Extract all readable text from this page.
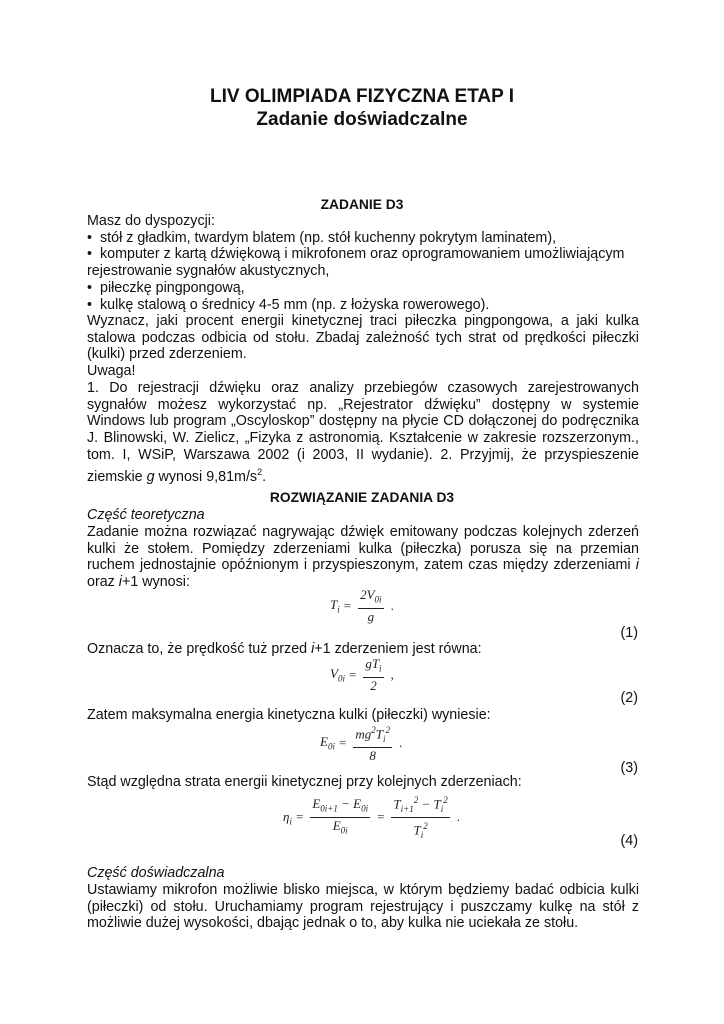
LIV OLIMPIADA FIZYCZNA ETAP I
Zadanie doświadczalne
ZADANIE D3
Masz do dyspozycji:
• stół z gładkim, twardym blatem (np. stół kuchenny pokrytym laminatem),
• komputer z kartą dźwiękową i mikrofonem oraz oprogramowaniem umożliwiającym
rejestrowanie sygnałów akustycznych,
• piłeczkę pingpongową,
• kulkę stalową o średnicy 4-5 mm (np. z łożyska rowerowego).
Wyznacz, jaki procent energii kinetycznej traci piłeczka pingpongowa, a jaki kulka stalowa podczas odbicia od stołu. Zbadaj zależność tych strat od prędkości piłeczki (kulki) przed zderzeniem.
Uwaga!
1. Do rejestracji dźwięku oraz analizy przebiegów czasowych zarejestrowanych sygnałów możesz wykorzystać np. „Rejestrator dźwięku” dostępny w systemie Windows lub program „Oscyloskop” dostępny na płycie CD dołączonej do podręcznika J. Blinowski, W. Zielicz, „Fizyka z astronomią. Kształcenie w zakresie rozszerzonym., tom. I, WSiP, Warszawa 2002 (i 2003, II wydanie). 2. Przyjmij, że przyspieszenie ziemskie g wynosi $9,81m/s^2$.
ROZWIĄZANIE ZADANIA D3
Część teoretyczna
Zadanie można rozwiązać nagrywając dźwięk emitowany podczas kolejnych zderzeń kulki że stołem. Pomiędzy zderzeniami kulka (piłeczka) porusza się na przemian ruchem jednostajnie opóźnionym i przyspieszonym, zatem czas między zderzeniami i oraz i+1 wynosi:
$T_i = \frac{2V_{0i}}{g}$ .
(1)
Oznacza to, że prędkość tuż przed i+1 zderzeniem jest równa:
$V_{0i} = \frac{gT_i}{2}$ ,
(2)
Zatem maksymalna energia kinetyczna kulki (piłeczki) wyniesie:
$E_{0i} = \frac{mg^2T_i^2}{8}$ .
(3)
Stąd względna strata energii kinetycznej przy kolejnych zderzeniach:
$\eta_i = \frac{E_{0i+1} - E_{0i}}{E_{0i}} = \frac{T_{i+1}^2 - T_i^2}{T_i^2}$ .
(4)
Część doświadczalna
Ustawiamy mikrofon możliwie blisko miejsca, w którym będziemy badać odbicia kulki (piłeczki) od stołu. Uruchamiamy program rejestrujący i puszczamy kulkę na stół z możliwie dużej wysokości, dbając jednak o to, aby kulka nie uciekała ze stołu.
